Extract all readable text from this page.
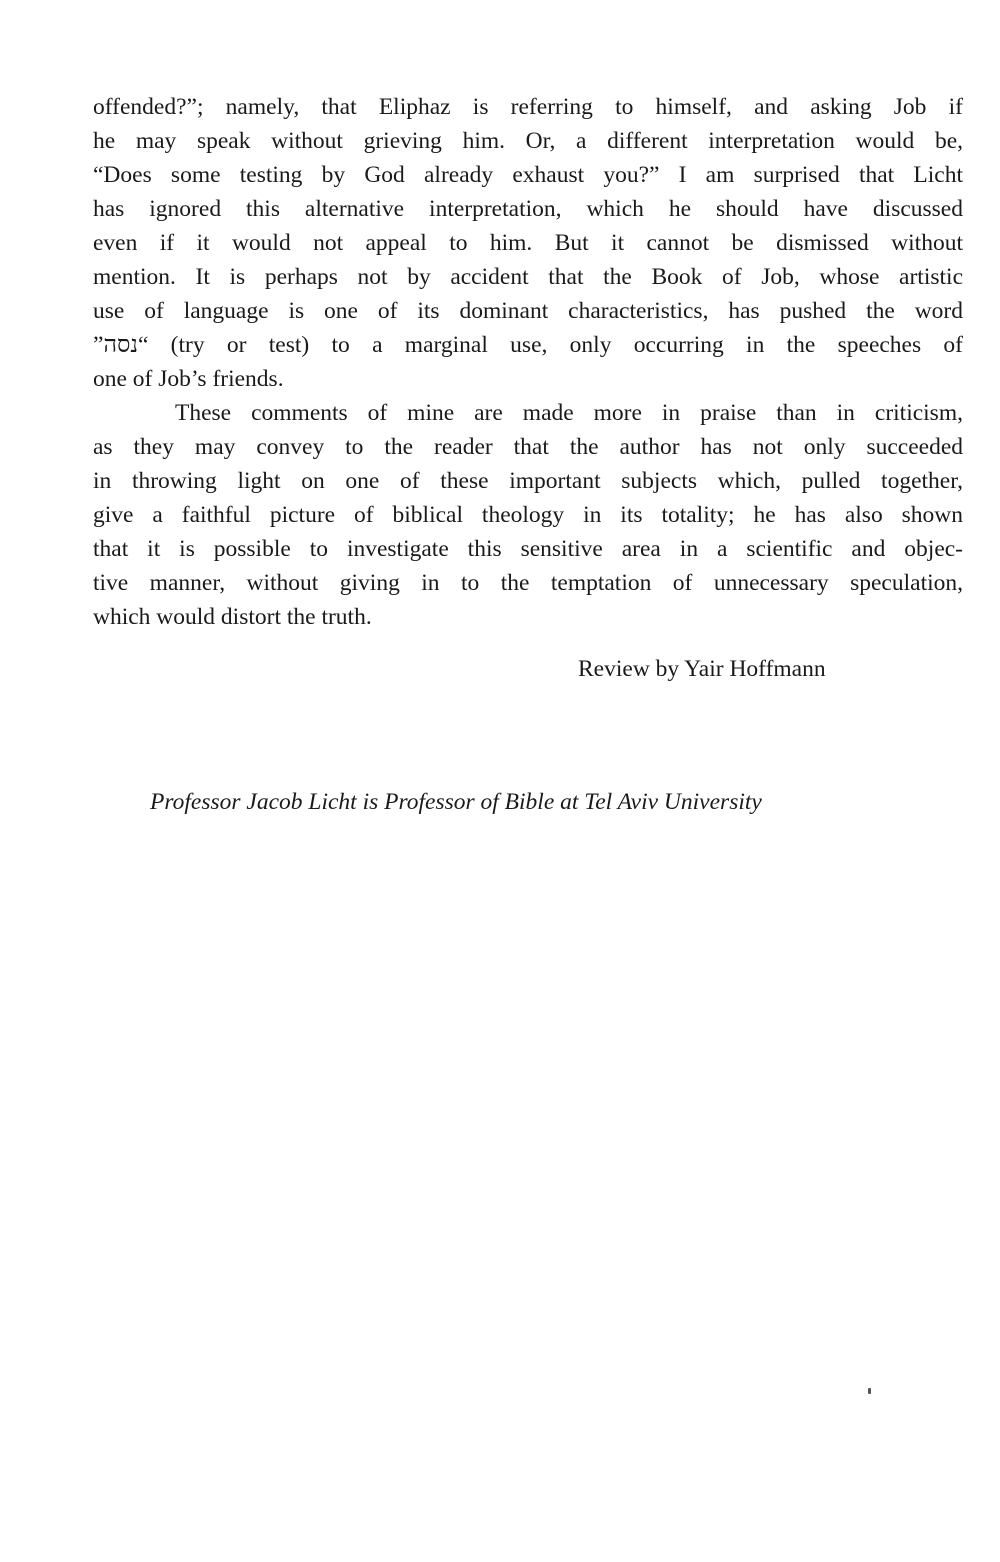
offended?”; namely, that Eliphaz is referring to himself, and asking Job if
he may speak without grieving him. Or, a different interpretation would be,
“Does some testing by God already exhaust you?” I am surprised that Licht
has ignored this alternative interpretation, which he should have discussed
even if it would not appeal to him. But it cannot be dismissed without
mention. It is perhaps not by accident that the Book of Job, whose artistic
use of language is one of its dominant characteristics, has pushed the word
”נסה“ (try or test) to a marginal use, only occurring in the speeches of
one of Job’s friends.
These comments of mine are made more in praise than in criticism,
as they may convey to the reader that the author has not only succeeded
in throwing light on one of these important subjects which, pulled together,
give a faithful picture of biblical theology in its totality; he has also shown
that it is possible to investigate this sensitive area in a scientific and objec-
tive manner, without giving in to the temptation of unnecessary speculation,
which would distort the truth.
Review by Yair Hoffmann
Professor Jacob Licht is Professor of Bible at Tel Aviv University
